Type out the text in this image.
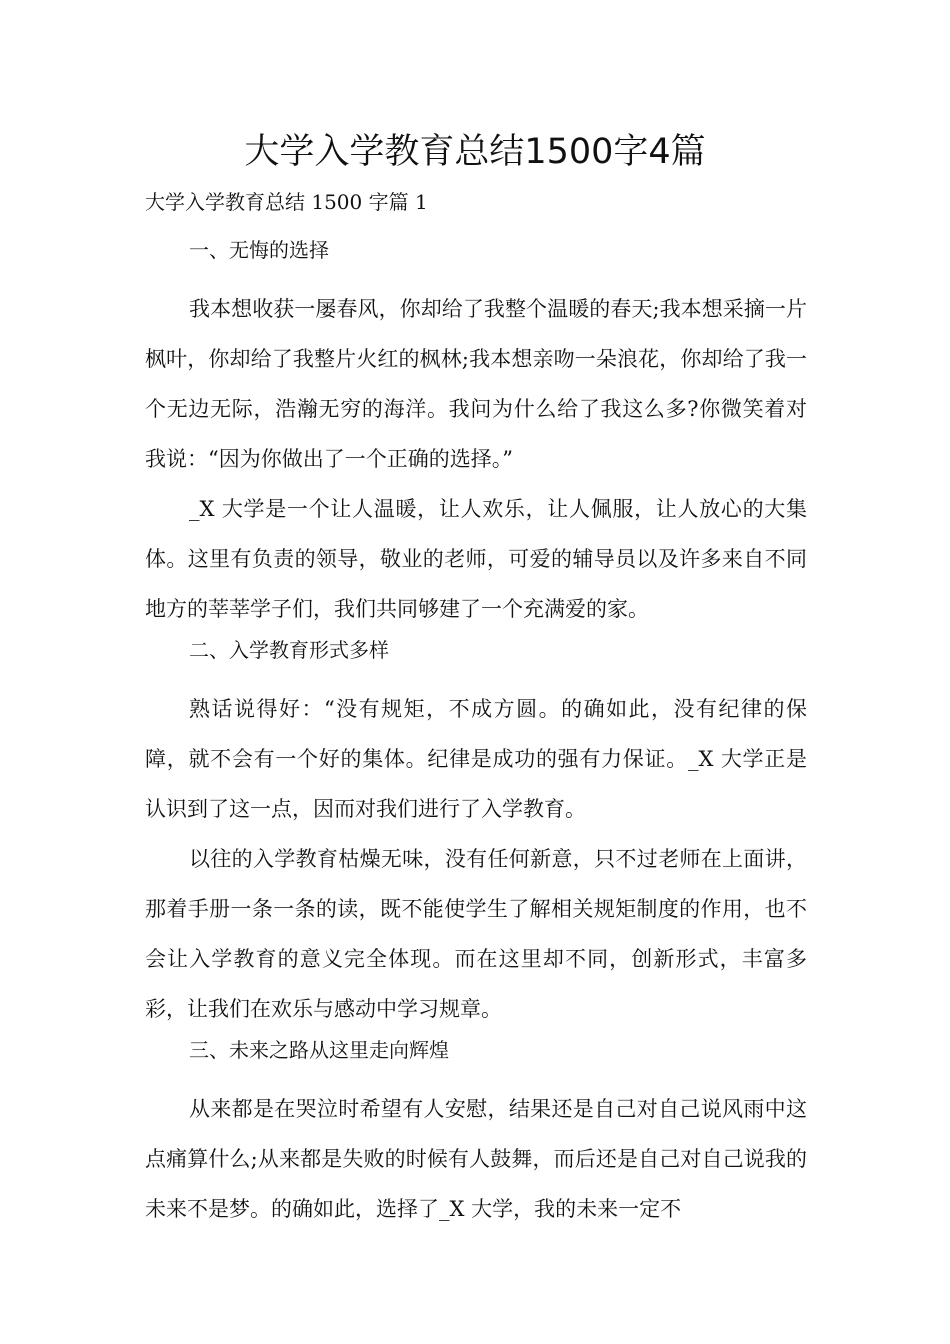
大学入学教育总结1500字4篇

大学入学教育总结 1500 字篇 1

一、无悔的选择

我本想收获一屡春风，你却给了我整个温暖的春天;我本想采摘一片枫叶，你却给了我整片火红的枫林;我本想亲吻一朵浪花，你却给了我一个无边无际，浩瀚无穷的海洋。我问为什么给了我这么多?你微笑着对我说：“因为你做出了一个正确的选择。”

_X 大学是一个让人温暖，让人欢乐，让人佩服，让人放心的大集体。这里有负责的领导，敬业的老师，可爱的辅导员以及许多来自不同地方的莘莘学子们，我们共同够建了一个充满爱的家。

二、入学教育形式多样

熟话说得好：“没有规矩，不成方圆。的确如此，没有纪律的保障，就不会有一个好的集体。纪律是成功的强有力保证。_X 大学正是认识到了这一点，因而对我们进行了入学教育。

以往的入学教育枯燥无味，没有任何新意，只不过老师在上面讲，那着手册一条一条的读，既不能使学生了解相关规矩制度的作用，也不会让入学教育的意义完全体现。而在这里却不同，创新形式，丰富多彩，让我们在欢乐与感动中学习规章。

三、未来之路从这里走向辉煌

从来都是在哭泣时希望有人安慰，结果还是自己对自己说风雨中这点痛算什么;从来都是失败的时候有人鼓舞，而后还是自己对自己说我的未来不是梦。的确如此，选择了_X 大学，我的未来一定不
